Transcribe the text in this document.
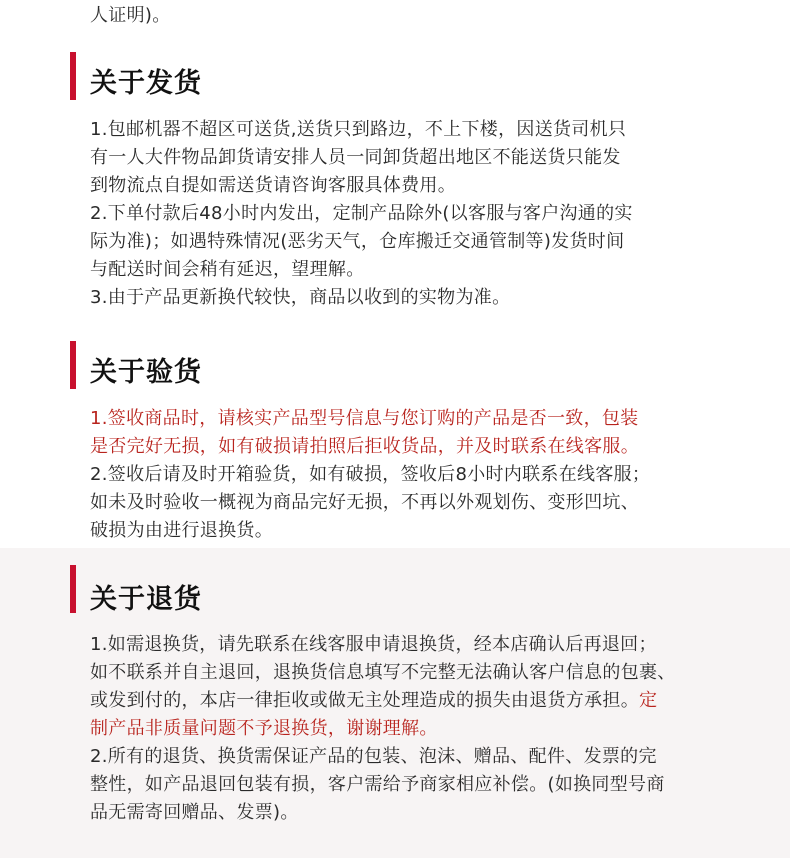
人证明)。

关于发货

1.包邮机器不超区可送货,送货只到路边，不上下楼，因送货司机只

有一人大件物品卸货请安排人员一同卸货超出地区不能送货只能发

到物流点自提如需送货请咨询客服具体费用。

2.下单付款后48小时内发出，定制产品除外(以客服与客户沟通的实

际为准)；如遇特殊情况(恶劣天气，仓库搬迁交通管制等)发货时间

与配送时间会稍有延迟，望理解。

3.由于产品更新换代较快，商品以收到的实物为准。

关于验货

1.签收商品时，请核实产品型号信息与您订购的产品是否一致，包装

是否完好无损，如有破损请拍照后拒收货品，并及时联系在线客服。

2.签收后请及时开箱验货，如有破损，签收后8小时内联系在线客服；

如未及时验收一概视为商品完好无损，不再以外观划伤、变形凹坑、

破损为由进行退换货。

关于退货

1.如需退换货，请先联系在线客服申请退换货，经本店确认后再退回；

如不联系并自主退回，退换货信息填写不完整无法确认客户信息的包裹、

或发到付的，本店一律拒收或做无主处理造成的损失由退货方承担。定

制产品非质量问题不予退换货，谢谢理解。

2.所有的退货、换货需保证产品的包装、泡沫、赠品、配件、发票的完

整性，如产品退回包装有损，客户需给予商家相应补偿。(如换同型号商

品无需寄回赠品、发票)。
